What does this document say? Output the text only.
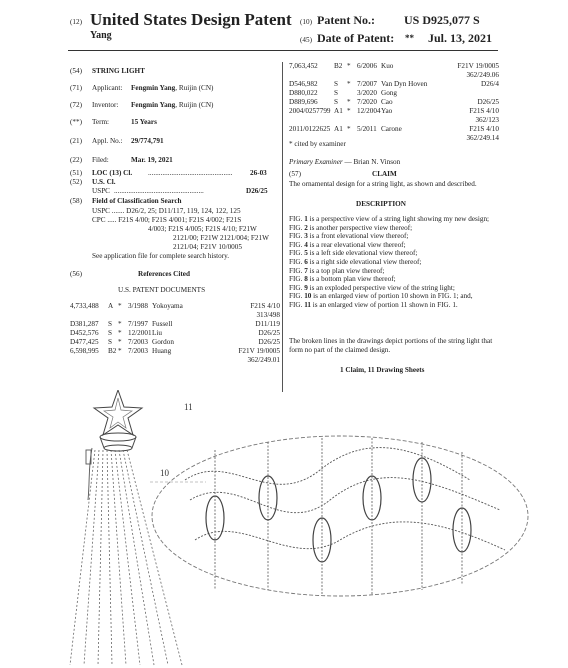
(12) United States Design Patent
Yang
(10) Patent No.: US D925,077 S
(45) Date of Patent: ** Jul. 13, 2021
(54) STRING LIGHT
(71) Applicant: Fengmin Yang, Ruijin (CN)
(72) Inventor: Fengmin Yang, Ruijin (CN)
(**) Term:	15 Years
(21) Appl. No.: 29/774,791
(22) Filed:	Mar. 19, 2021
(51) LOC (13) Cl. ...............................................	26-03
(52) U.S. Cl.
USPC ..................................................	D26/25
(58) Field of Classification Search
USPC ....... D26/2, 25; D11/117, 119, 124, 122, 125
CPC ..... F21S 4/00; F21S 4/001; F21S 4/002; F21S
4/003; F21S 4/005; F21S 4/10; F21W
2121/00; F21W 2121/004; F21W
2121/04; F21V 10/0005
See application file for complete search history.
(56)	References Cited
U.S. PATENT DOCUMENTS
4,733,488 A * 3/1988 Yokoyama	F21S 4/10
313/498
D381,287 S * 7/1997 Fussell	D11/119
D452,576 S * 12/2001 Liu	D26/25
D477,425 S * 7/2003 Gordon	D26/25
6,598,995 B2 * 7/2003 Huang	F21V 19/0005
362/249.01
7,063,452 B2 * 6/2006 Kuo	F21V 19/0005
362/249.06
D546,982 S * 7/2007 Van Dyn Hoven	D26/4
D880,022 S	3/2020 Gong
D889,696 S * 7/2020 Cao	D26/25
2004/0257799 A1 * 12/2004 Yao	F21S 4/10
362/123
2011/0122625 A1 * 5/2011 Carone	F21S 4/10
362/249.14
* cited by examiner
Primary Examiner — Brian N. Vinson
(57)	CLAIM
The ornamental design for a string light, as shown and described.
DESCRIPTION

FIG. 1 is a perspective view of a string light showing my new design;

FIG. 2 is another perspective view thereof;

FIG. 3 is a front elevational view thereof;

FIG. 4 is a rear elevational view thereof;

FIG. 5 is a left side elevational view thereof;

FIG. 6 is a right side elevational view thereof;

FIG. 7 is a top plan view thereof;

FIG. 8 is a bottom plan view thereof;

FIG. 9 is an exploded perspective view of the string light;

FIG. 10 is an enlarged view of portion 10 shown in FIG. 1; and,

FIG. 11 is an enlarged view of portion 11 shown in FIG. 1.

The broken lines in the drawings depict portions of the string light that form no part of the claimed design.
1 Claim, 11 Drawing Sheets
11
10
